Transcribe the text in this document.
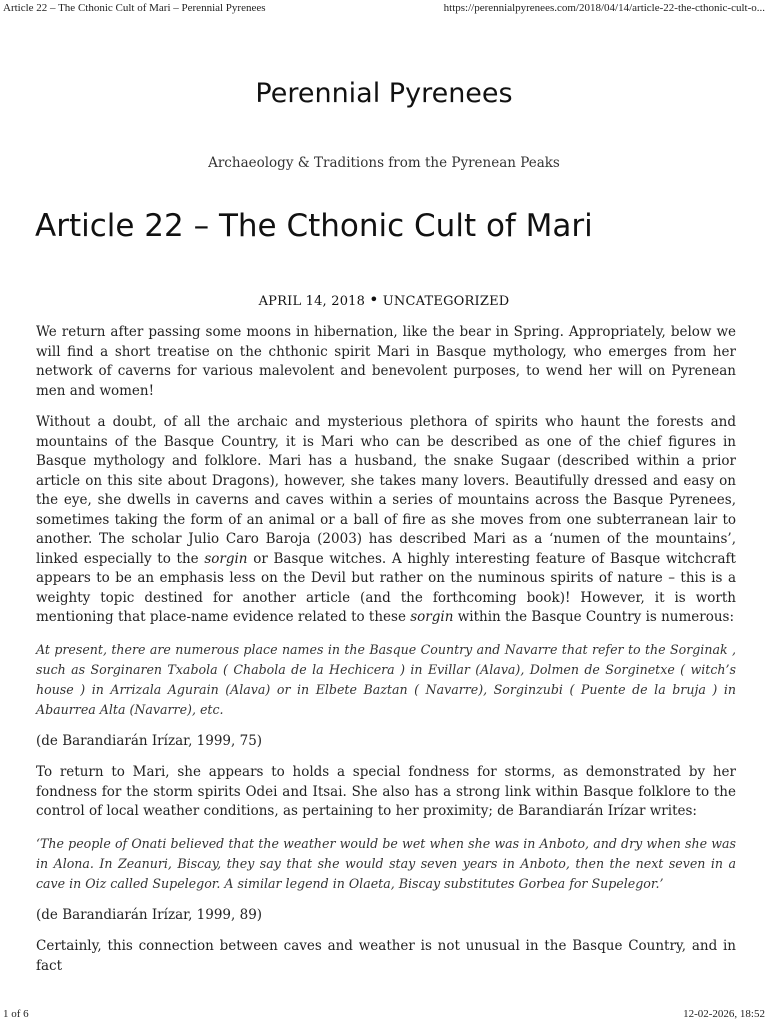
Article 22 – The Cthonic Cult of Mari – Perennial Pyrenees	https://perennialpyrenees.com/2018/04/14/article-22-the-cthonic-cult-o...
Perennial Pyrenees
Archaeology & Traditions from the Pyrenean Peaks
Article 22 – The Cthonic Cult of Mari
APRIL 14, 2018 • UNCATEGORIZED

We return after passing some moons in hibernation, like the bear in Spring. Appropriately, below we will find a short treatise on the chthonic spirit Mari in Basque mythology, who emerges from her network of caverns for various malevolent and benevolent purposes, to wend her will on Pyrenean men and women!

Without a doubt, of all the archaic and mysterious plethora of spirits who haunt the forests and mountains of the Basque Country, it is Mari who can be described as one of the chief figures in Basque mythology and folklore. Mari has a husband, the snake Sugaar (described within a prior article on this site about Dragons), however, she takes many lovers. Beautifully dressed and easy on the eye, she dwells in caverns and caves within a series of mountains across the Basque Pyrenees, sometimes taking the form of an animal or a ball of fire as she moves from one subterranean lair to another. The scholar Julio Caro Baroja (2003) has described Mari as a ‘numen of the mountains’, linked especially to the sorgin or Basque witches. A highly interesting feature of Basque witchcraft appears to be an emphasis less on the Devil but rather on the numinous spirits of nature – this is a weighty topic destined for another article (and the forthcoming book)! However, it is worth mentioning that place-name evidence related to these sorgin within the Basque Country is numerous:

At present, there are numerous place names in the Basque Country and Navarre that refer to the Sorginak , such as Sorginaren Txabola ( Chabola de la Hechicera ) in Evillar (Alava), Dolmen de Sorginetxe ( witch’s house ) in Arrizala Agurain (Alava) or in Elbete Baztan ( Navarre), Sorginzubi ( Puente de la bruja ) in Abaurrea Alta (Navarre), etc.

(de Barandiarán Irízar, 1999, 75)

To return to Mari, she appears to holds a special fondness for storms, as demonstrated by her fondness for the storm spirits Odei and Itsai. She also has a strong link within Basque folklore to the control of local weather conditions, as pertaining to her proximity; de Barandiarán Irízar writes:

‘The people of Onati believed that the weather would be wet when she was in Anboto, and dry when she was in Alona. In Zeanuri, Biscay, they say that she would stay seven years in Anboto, then the next seven in a cave in Oiz called Supelegor. A similar legend in Olaeta, Biscay substitutes Gorbea for Supelegor.’

(de Barandiarán Irízar, 1999, 89)

Certainly, this connection between caves and weather is not unusual in the Basque Country, and in fact

1 of 6	12-02-2026, 18:52
